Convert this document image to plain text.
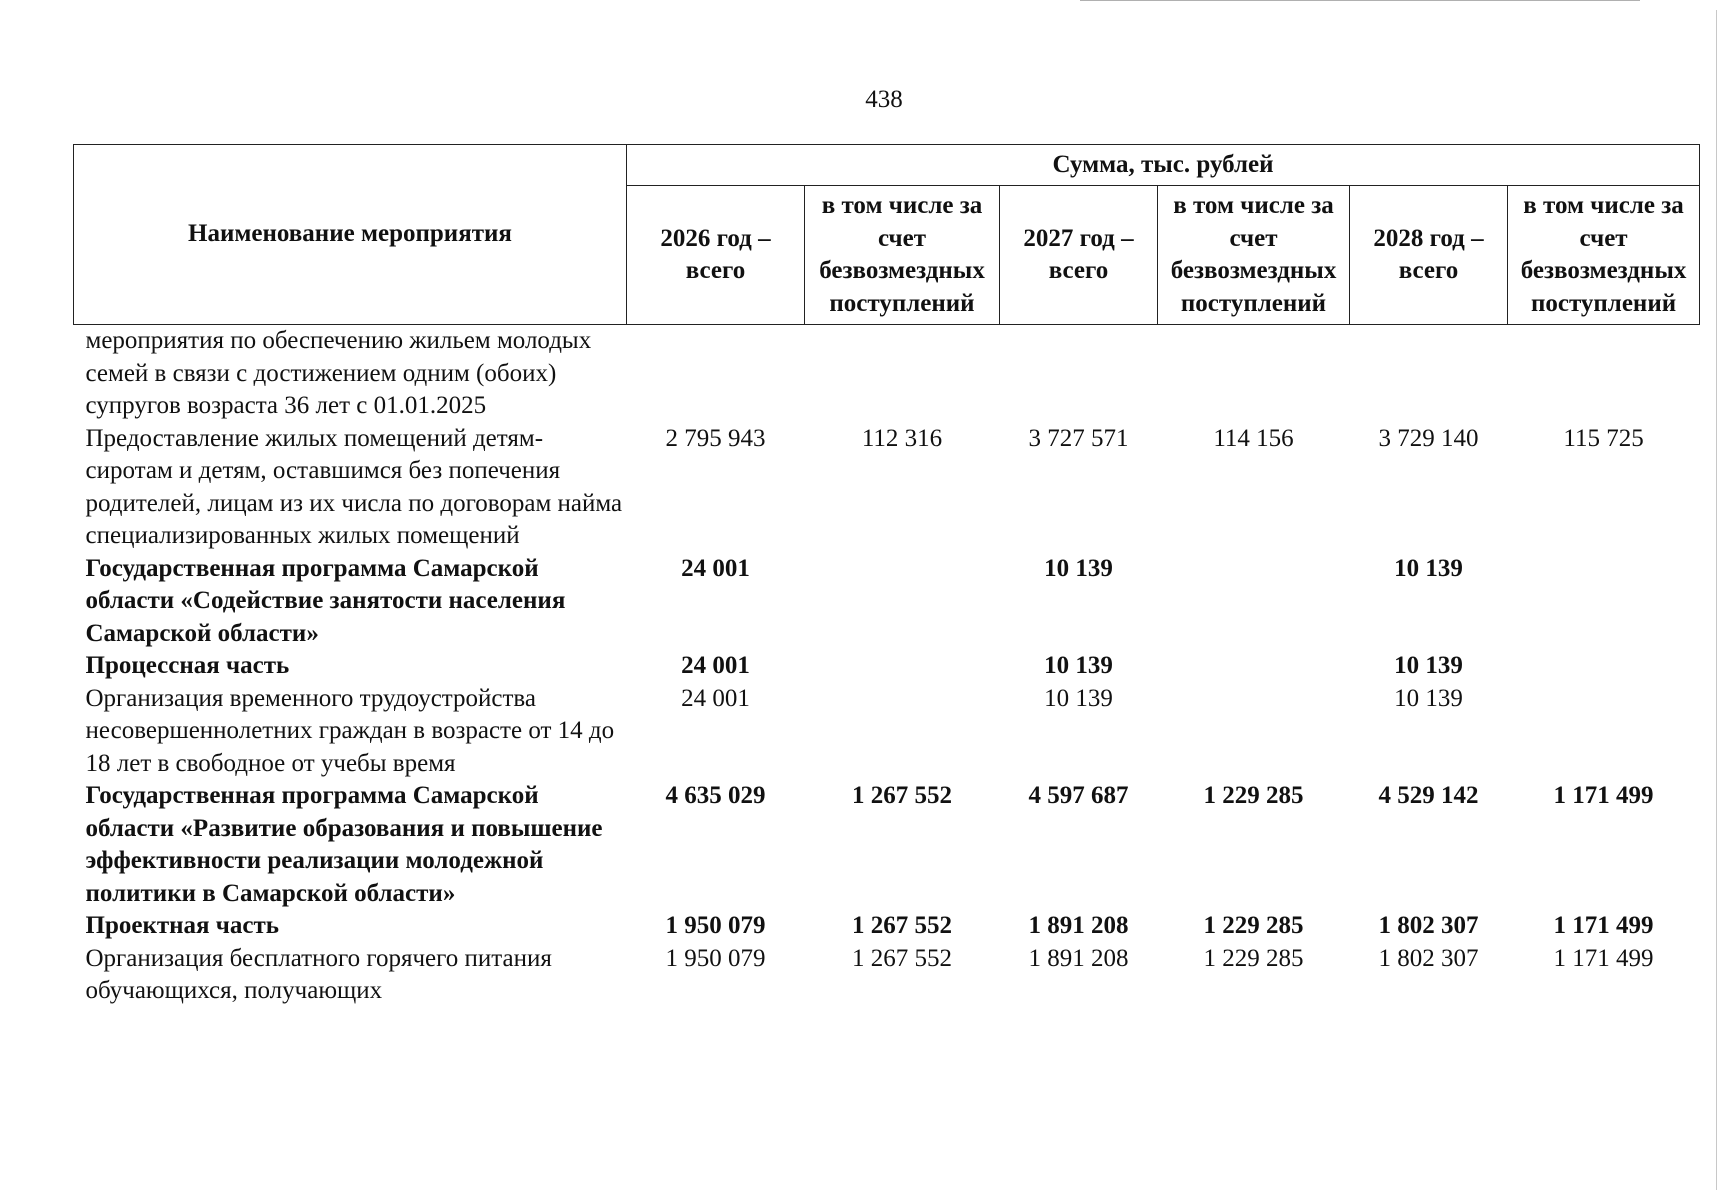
438
Наименование мероприятия	Сумма, тыс. рублей					
	2026 год – всего	в том числе за счет безвозмездных поступлений	2027 год – всего	в том числе за счет безвозмездных поступлений	2028 год – всего	в том числе за счет безвозмездных поступлений
мероприятия по обеспечению жильем молодых семей в связи с достижением одним (обоих) супругов возраста 36 лет с 01.01.2025						
Предоставление жилых помещений детям-сиротам и детям, оставшимся без попечения родителей, лицам из их числа по договорам найма специализированных жилых помещений	2 795 943	112 316	3 727 571	114 156	3 729 140	115 725
Государственная программа Самарской области «Содействие занятости населения Самарской области»	24 001		10 139		10 139	
Процессная часть	24 001		10 139		10 139	
Организация временного трудоустройства несовершеннолетних граждан в возрасте от 14 до 18 лет в свободное от учебы время	24 001		10 139		10 139	
Государственная программа Самарской области «Развитие образования и повышение эффективности реализации молодежной политики в Самарской области»	4 635 029	1 267 552	4 597 687	1 229 285	4 529 142	1 171 499
Проектная часть	1 950 079	1 267 552	1 891 208	1 229 285	1 802 307	1 171 499
Организация бесплатного горячего питания обучающихся, получающих	1 950 079	1 267 552	1 891 208	1 229 285	1 802 307	1 171 499
